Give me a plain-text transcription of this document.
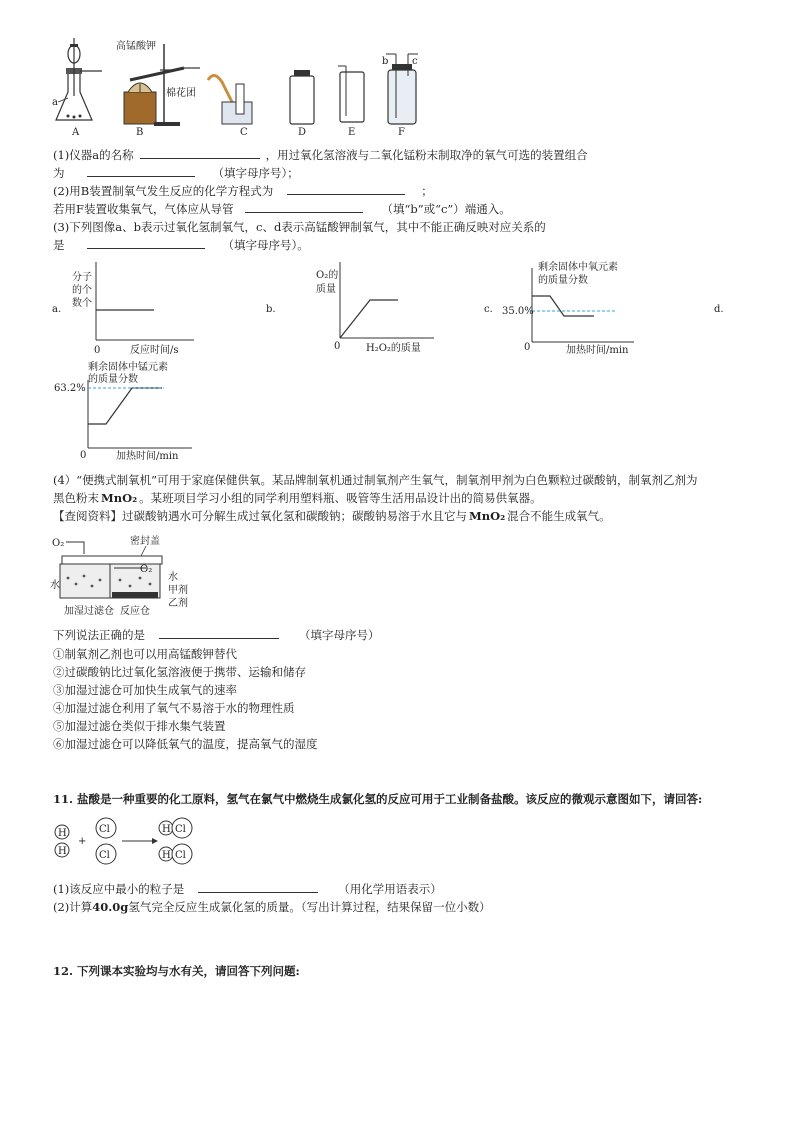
a
高锰酸钾
棉花团
b c
A	B	C	D	E	F
(1)仪器a的名称	，用过氧化氢溶液与二氧化锰粉末制取净的氧气可选的装置组合
为	（填字母序号）；
(2)用B装置制氧气发生反应的化学方程式为	；
若用F装置收集氧气，气体应从导管	（填“b”或“c”）端通入。
(3)下列图像a、b表示过氧化氢制氧气，c、d表示高锰酸钾制氧气，其中不能正确反映对应关系的
是	（填字母序号）。
a.
分子
的个
数个
0	反应时间/s
b.
O₂的
质量
0	H₂O₂的质量
c.
剩余固体中氧元素
的质量分数
35.0%
0	加热时间/min
d.
剩余固体中锰元素
的质量分数
63.2%
0	加热时间/min
(4）“便携式制氧机”可用于家庭保健供氧。某品牌制氧机通过制氧剂产生氧气，制氧剂甲剂为白色颗粒过碳酸钠，制氧剂乙剂为
黑色粉末 MnO₂ 。某班项目学习小组的同学利用塑料瓶、吸管等生活用品设计出的简易供氧器。
【查阅资料】过碳酸钠遇水可分解生成过氧化氢和碳酸钠；碳酸钠易溶于水且它与 MnO₂ 混合不能生成氧气。
O₂	密封盖
O₂
水
水
甲剂
乙剂
加湿过滤仓 反应仓
下列说法正确的是	（填字母序号）
①制氧剂乙剂也可以用高锰酸钾替代
②过碳酸钠比过氧化氢溶液便于携带、运输和储存
③加湿过滤仓可加快生成氧气的速率
④加湿过滤仓利用了氧气不易溶于水的物理性质
⑤加湿过滤仓类似于排水集气装置
⑥加湿过滤仓可以降低氧气的温度，提高氧气的湿度
11. 盐酸是一种重要的化工原料，氢气在氯气中燃烧生成氯化氢的反应可用于工业制备盐酸。该反应的微观示意图如下，请回答:
H
H
+
Cl
Cl
H Cl
H Cl
(1)该反应中最小的粒子是	（用化学用语表示）
(2)计算40.0g氢气完全反应生成氯化氢的质量。（写出计算过程，结果保留一位小数）
12. 下列课本实验均与水有关，请回答下列问题:
